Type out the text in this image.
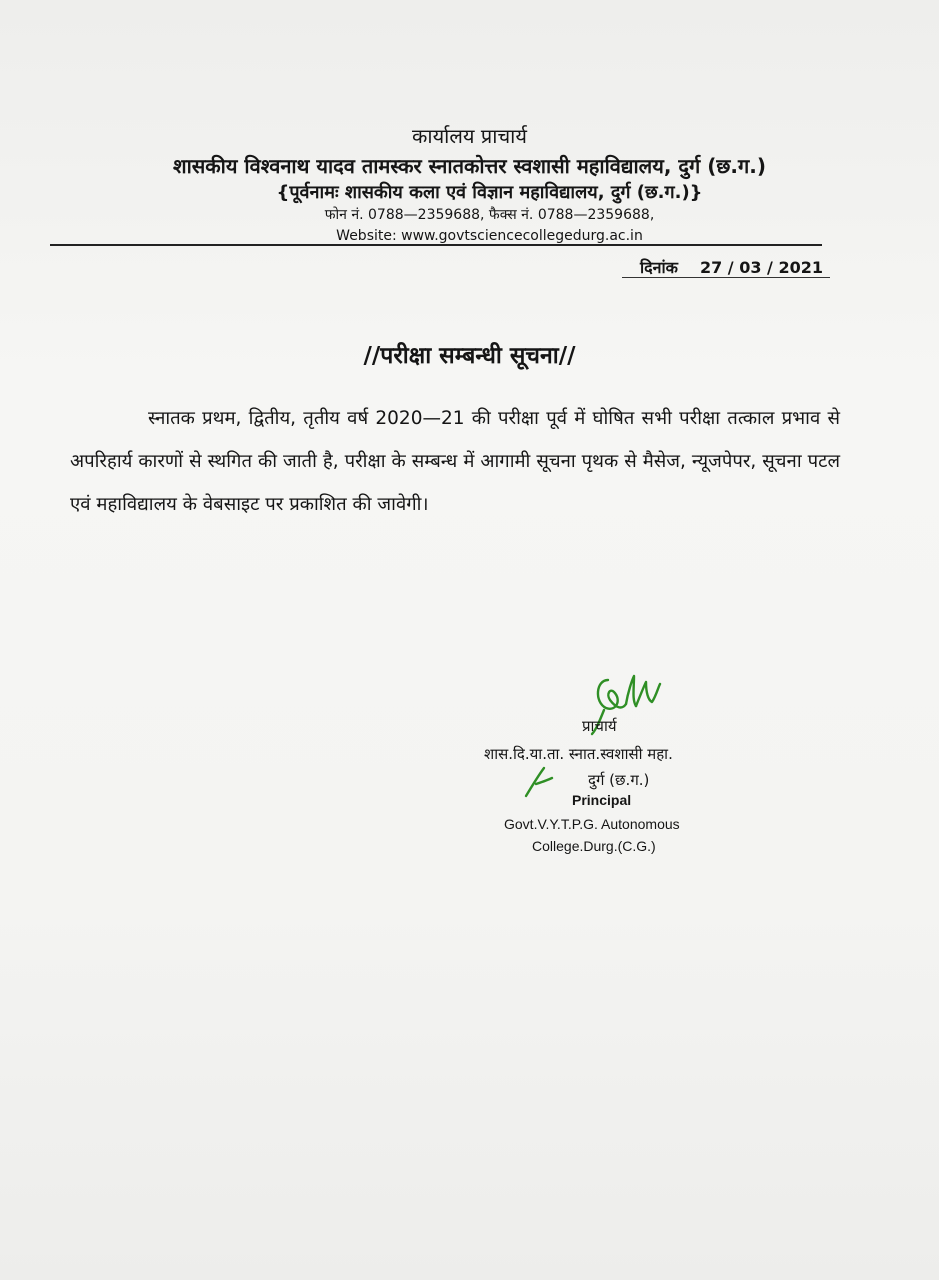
कार्यालय प्राचार्य
शासकीय विश्वनाथ यादव तामस्कर स्नातकोत्तर स्वशासी महाविद्यालय, दुर्ग (छ.ग.)
{पूर्वनामः शासकीय कला एवं विज्ञान महाविद्यालय, दुर्ग (छ.ग.)}
फोन नं. 0788—2359688, फैक्स नं. 0788—2359688,
Website: www.govtsciencecollegedurg.ac.in
दिनांक 27 / 03 / 2021
//परीक्षा सम्बन्धी सूचना//
स्नातक प्रथम, द्वितीय, तृतीय वर्ष 2020—21 की परीक्षा पूर्व में घोषित सभी परीक्षा तत्काल प्रभाव से अपरिहार्य कारणों से स्थगित की जाती है, परीक्षा के सम्बन्ध में आगामी सूचना पृथक से मैसेज, न्यूजपेपर, सूचना पटल एवं महाविद्यालय के वेबसाइट पर प्रकाशित की जावेगी।
प्राचार्य
शास.दि.या.ता. स्नात.स्वशासी महा.
दुर्ग (छ.ग.)
Principal
Govt.V.Y.T.P.G. Autonomous
College.Durg.(C.G.)
